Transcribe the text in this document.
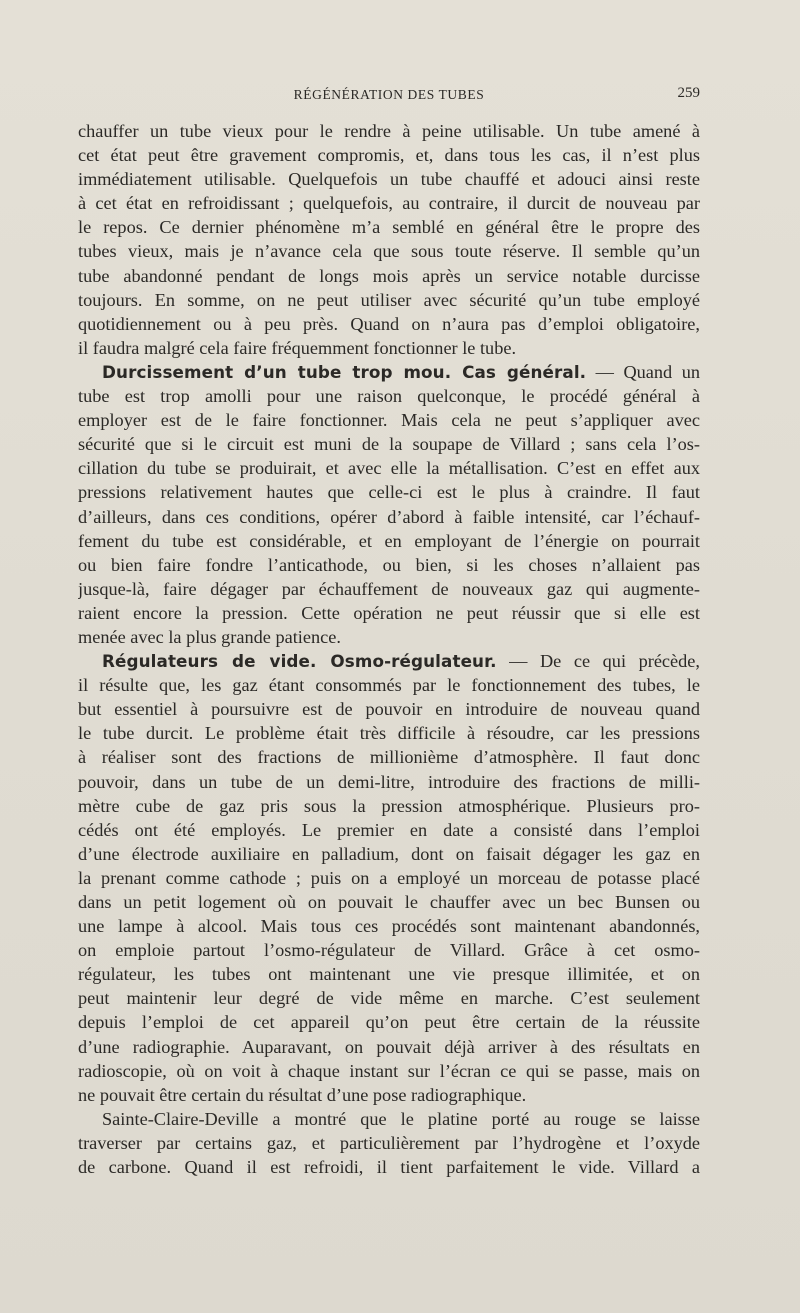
RÉGÉNÉRATION DES TUBES	259
chauffer un tube vieux pour le rendre à peine utilisable. Un tube amené à
cet état peut être gravement compromis, et, dans tous les cas, il n’est plus
immédiatement utilisable. Quelquefois un tube chauffé et adouci ainsi reste
à cet état en refroidissant ; quelquefois, au contraire, il durcit de nouveau par
le repos. Ce dernier phénomène m’a semblé en général être le propre des
tubes vieux, mais je n’avance cela que sous toute réserve. Il semble qu’un
tube abandonné pendant de longs mois après un service notable durcisse
toujours. En somme, on ne peut utiliser avec sécurité qu’un tube employé
quotidiennement ou à peu près. Quand on n’aura pas d’emploi obligatoire,
il faudra malgré cela faire fréquemment fonctionner le tube.
Durcissement d’un tube trop mou. Cas général. — Quand un
tube est trop amolli pour une raison quelconque, le procédé général à
employer est de le faire fonctionner. Mais cela ne peut s’appliquer avec
sécurité que si le circuit est muni de la soupape de Villard ; sans cela l’os-
cillation du tube se produirait, et avec elle la métallisation. C’est en effet aux
pressions relativement hautes que celle-ci est le plus à craindre. Il faut
d’ailleurs, dans ces conditions, opérer d’abord à faible intensité, car l’échauf-
fement du tube est considérable, et en employant de l’énergie on pourrait
ou bien faire fondre l’anticathode, ou bien, si les choses n’allaient pas
jusque-là, faire dégager par échauffement de nouveaux gaz qui augmente-
raient encore la pression. Cette opération ne peut réussir que si elle est
menée avec la plus grande patience.
Régulateurs de vide. Osmo-régulateur. — De ce qui précède,
il résulte que, les gaz étant consommés par le fonctionnement des tubes, le
but essentiel à poursuivre est de pouvoir en introduire de nouveau quand
le tube durcit. Le problème était très difficile à résoudre, car les pressions
à réaliser sont des fractions de millionième d’atmosphère. Il faut donc
pouvoir, dans un tube de un demi-litre, introduire des fractions de milli-
mètre cube de gaz pris sous la pression atmosphérique. Plusieurs pro-
cédés ont été employés. Le premier en date a consisté dans l’emploi
d’une électrode auxiliaire en palladium, dont on faisait dégager les gaz en
la prenant comme cathode ; puis on a employé un morceau de potasse placé
dans un petit logement où on pouvait le chauffer avec un bec Bunsen ou
une lampe à alcool. Mais tous ces procédés sont maintenant abandonnés,
on emploie partout l’osmo-régulateur de Villard. Grâce à cet osmo-
régulateur, les tubes ont maintenant une vie presque illimitée, et on
peut maintenir leur degré de vide même en marche. C’est seulement
depuis l’emploi de cet appareil qu’on peut être certain de la réussite
d’une radiographie. Auparavant, on pouvait déjà arriver à des résultats en
radioscopie, où on voit à chaque instant sur l’écran ce qui se passe, mais on
ne pouvait être certain du résultat d’une pose radiographique.
Sainte-Claire-Deville a montré que le platine porté au rouge se laisse
traverser par certains gaz, et particulièrement par l’hydrogène et l’oxyde
de carbone. Quand il est refroidi, il tient parfaitement le vide. Villard a
